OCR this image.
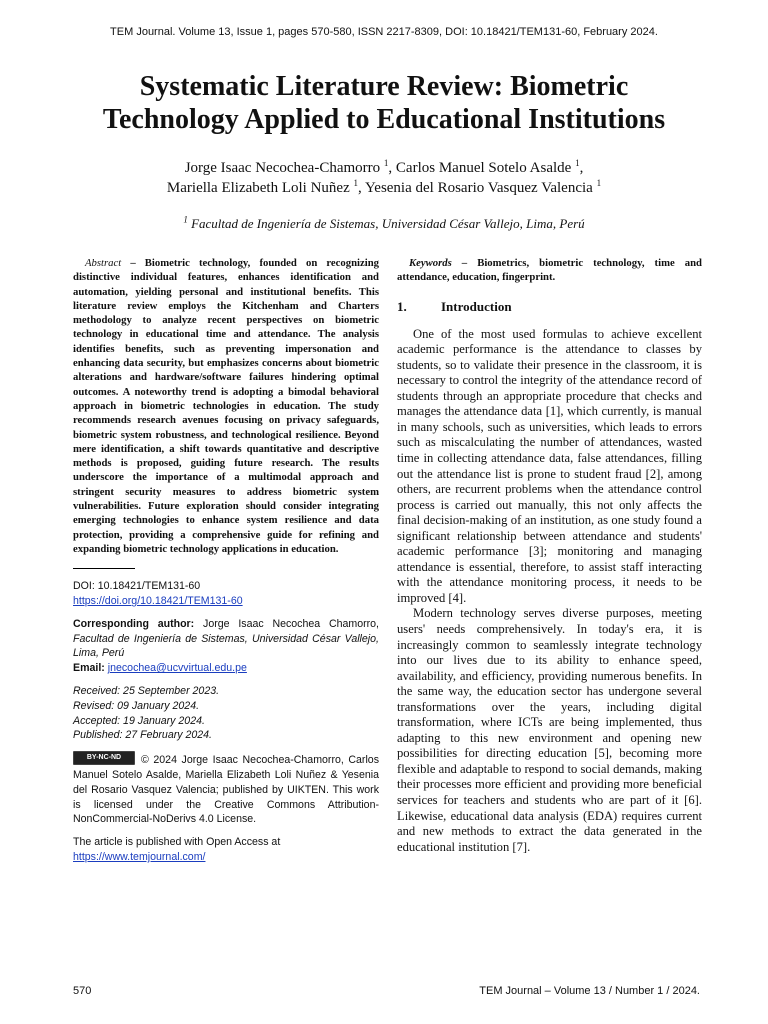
TEM Journal. Volume 13, Issue 1, pages 570-580, ISSN 2217-8309, DOI: 10.18421/TEM131-60, February 2024.
Systematic Literature Review: Biometric
Technology Applied to Educational Institutions
Jorge Isaac Necochea-Chamorro $^1$, Carlos Manuel Sotelo Asalde $^1$,
Mariella Elizabeth Loli Nuñez $^1$, Yesenia del Rosario Vasquez Valencia $^1$
$^1$ Facultad de Ingeniería de Sistemas, Universidad César Vallejo, Lima, Perú

Abstract – Biometric technology, founded on recognizing distinctive individual features, enhances identification and automation, yielding personal and institutional benefits. This literature review employs the Kitchenham and Charters methodology to analyze recent perspectives on biometric technology in educational time and attendance. The analysis identifies benefits, such as preventing impersonation and enhancing data security, but emphasizes concerns about biometric alterations and hardware/software failures hindering optimal outcomes. A noteworthy trend is adopting a bimodal behavioral approach in biometric technologies in education. The study recommends research avenues focusing on privacy safeguards, biometric system robustness, and technological resilience. Beyond mere identification, a shift towards quantitative and descriptive methods is proposed, guiding future research. The results underscore the importance of a multimodal approach and stringent security measures to address biometric system vulnerabilities. Future exploration should consider integrating emerging technologies to enhance system resilience and data protection, providing a comprehensive guide for refining and expanding biometric technology applications in education.

DOI: 10.18421/TEM131-60
https://doi.org/10.18421/TEM131-60

Corresponding author: Jorge Isaac Necochea Chamorro, Facultad de Ingeniería de Sistemas, Universidad César Vallejo, Lima, Perú
Email: jnecochea@ucvvirtual.edu.pe

Received: 25 September 2023.

Revised: 09 January 2024.

Accepted: 19 January 2024.

Published: 27 February 2024.

BY-NC-ND	© 2024 Jorge Isaac Necochea-Chamorro, Carlos Manuel Sotelo Asalde, Mariella Elizabeth Loli Nuñez & Yesenia del Rosario Vasquez Valencia; published by UIKTEN. This work is licensed under the Creative Commons Attribution-NonCommercial-NoDerivs 4.0 License.

The article is published with Open Access at
https://www.temjournal.com/

Keywords – Biometrics, biometric technology, time and attendance, education, fingerprint.

1.	Introduction

One of the most used formulas to achieve excellent academic performance is the attendance to classes by students, so to validate their presence in the classroom, it is necessary to control the integrity of the attendance record of students through an appropriate procedure that checks and manages the attendance data [1], which currently, is manual in many schools, such as universities, which leads to errors such as miscalculating the number of attendances, wasted time in collecting attendance data, false attendances, filling out the attendance list is prone to student fraud [2], among others, are recurrent problems when the attendance control process is carried out manually, this not only affects the final decision-making of an institution, as one study found a significant relationship between attendance and students' academic performance [3]; monitoring and managing attendance is essential, therefore, to assist staff interacting with the attendance monitoring process, it needs to be improved [4].

Modern technology serves diverse purposes, meeting users' needs comprehensively. In today's era, it is increasingly common to seamlessly integrate technology into our lives due to its ability to enhance speed, availability, and efficiency, providing numerous benefits. In the same way, the education sector has undergone several transformations over the years, including digital transformation, where ICTs are being implemented, thus adapting to this new environment and opening new possibilities for directing education [5], becoming more flexible and adaptable to respond to social demands, making their processes more efficient and providing more beneficial services for teachers and students who are part of it [6]. Likewise, educational data analysis (EDA) requires current and new methods to extract the data generated in the educational institution [7].

570	TEM Journal – Volume 13 / Number 1 / 2024.
